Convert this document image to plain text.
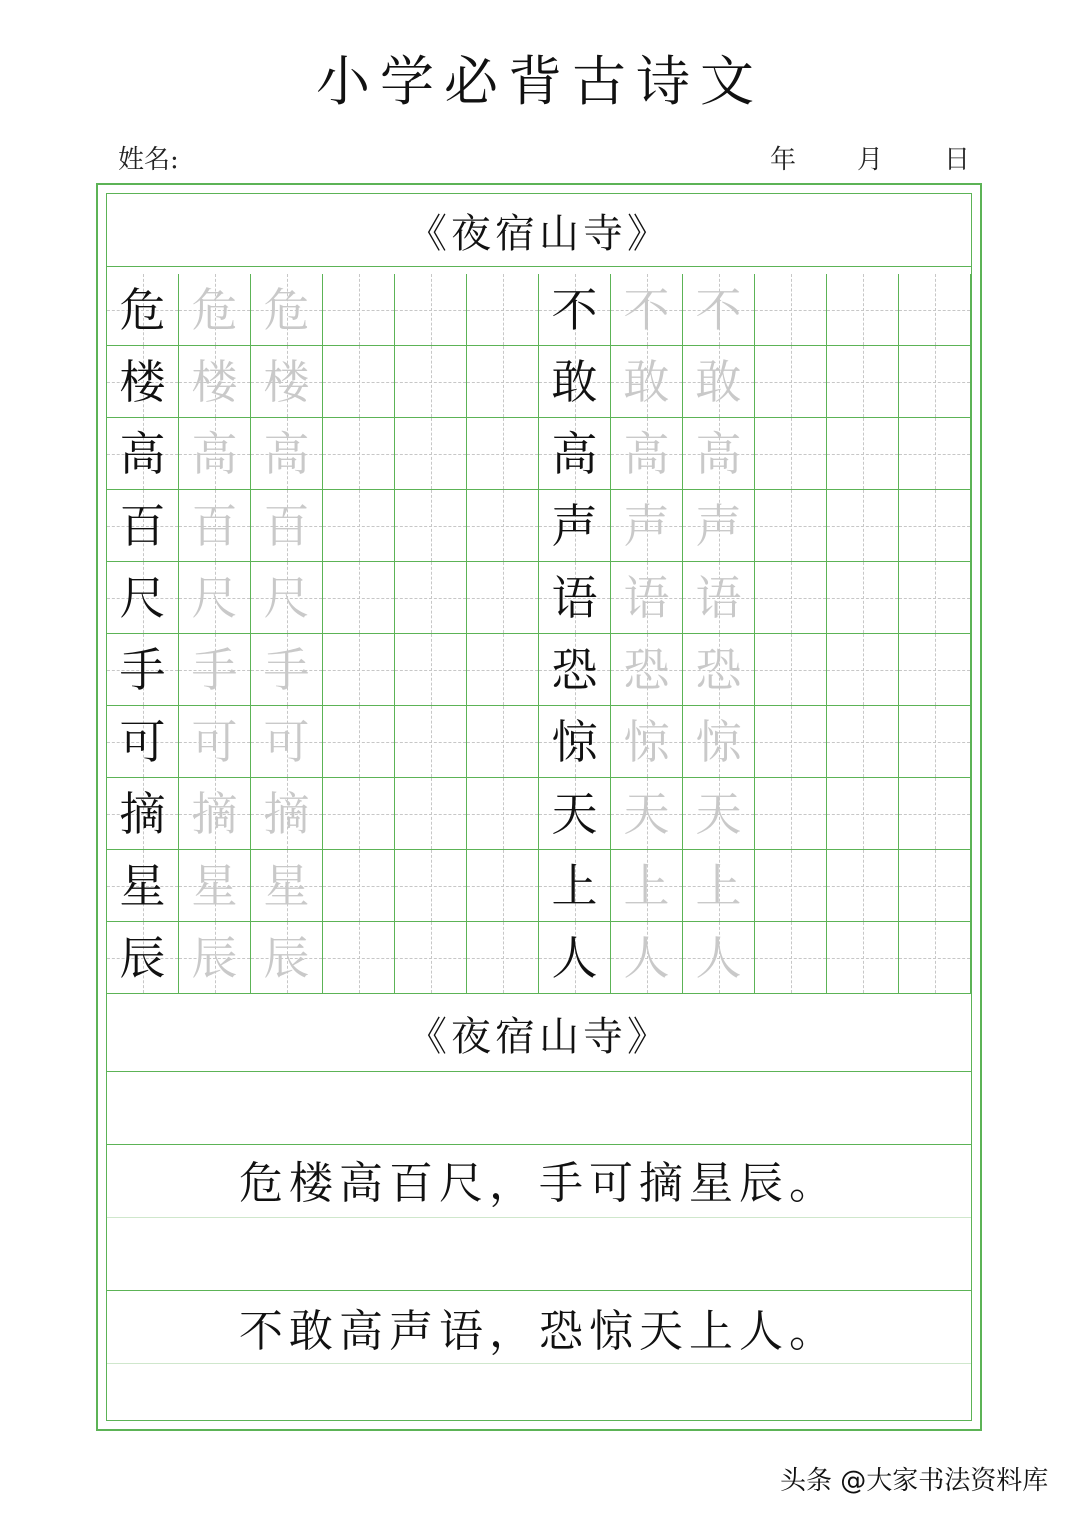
小学必背古诗文
姓名:	年 月 日
《夜宿山寺》
危 危 危	不 不 不
楼 楼 楼	敢 敢 敢
高 高 高	高 高 高
百 百 百	声 声 声
尺 尺 尺	语 语 语
手 手 手	恐 恐 恐
可 可 可	惊 惊 惊
摘 摘 摘	天 天 天
星 星 星	上 上 上
辰 辰 辰	人 人 人
《夜宿山寺》
危楼高百尺，手可摘星辰。
不敢高声语，恐惊天上人。
头条 @大家书法资料库
